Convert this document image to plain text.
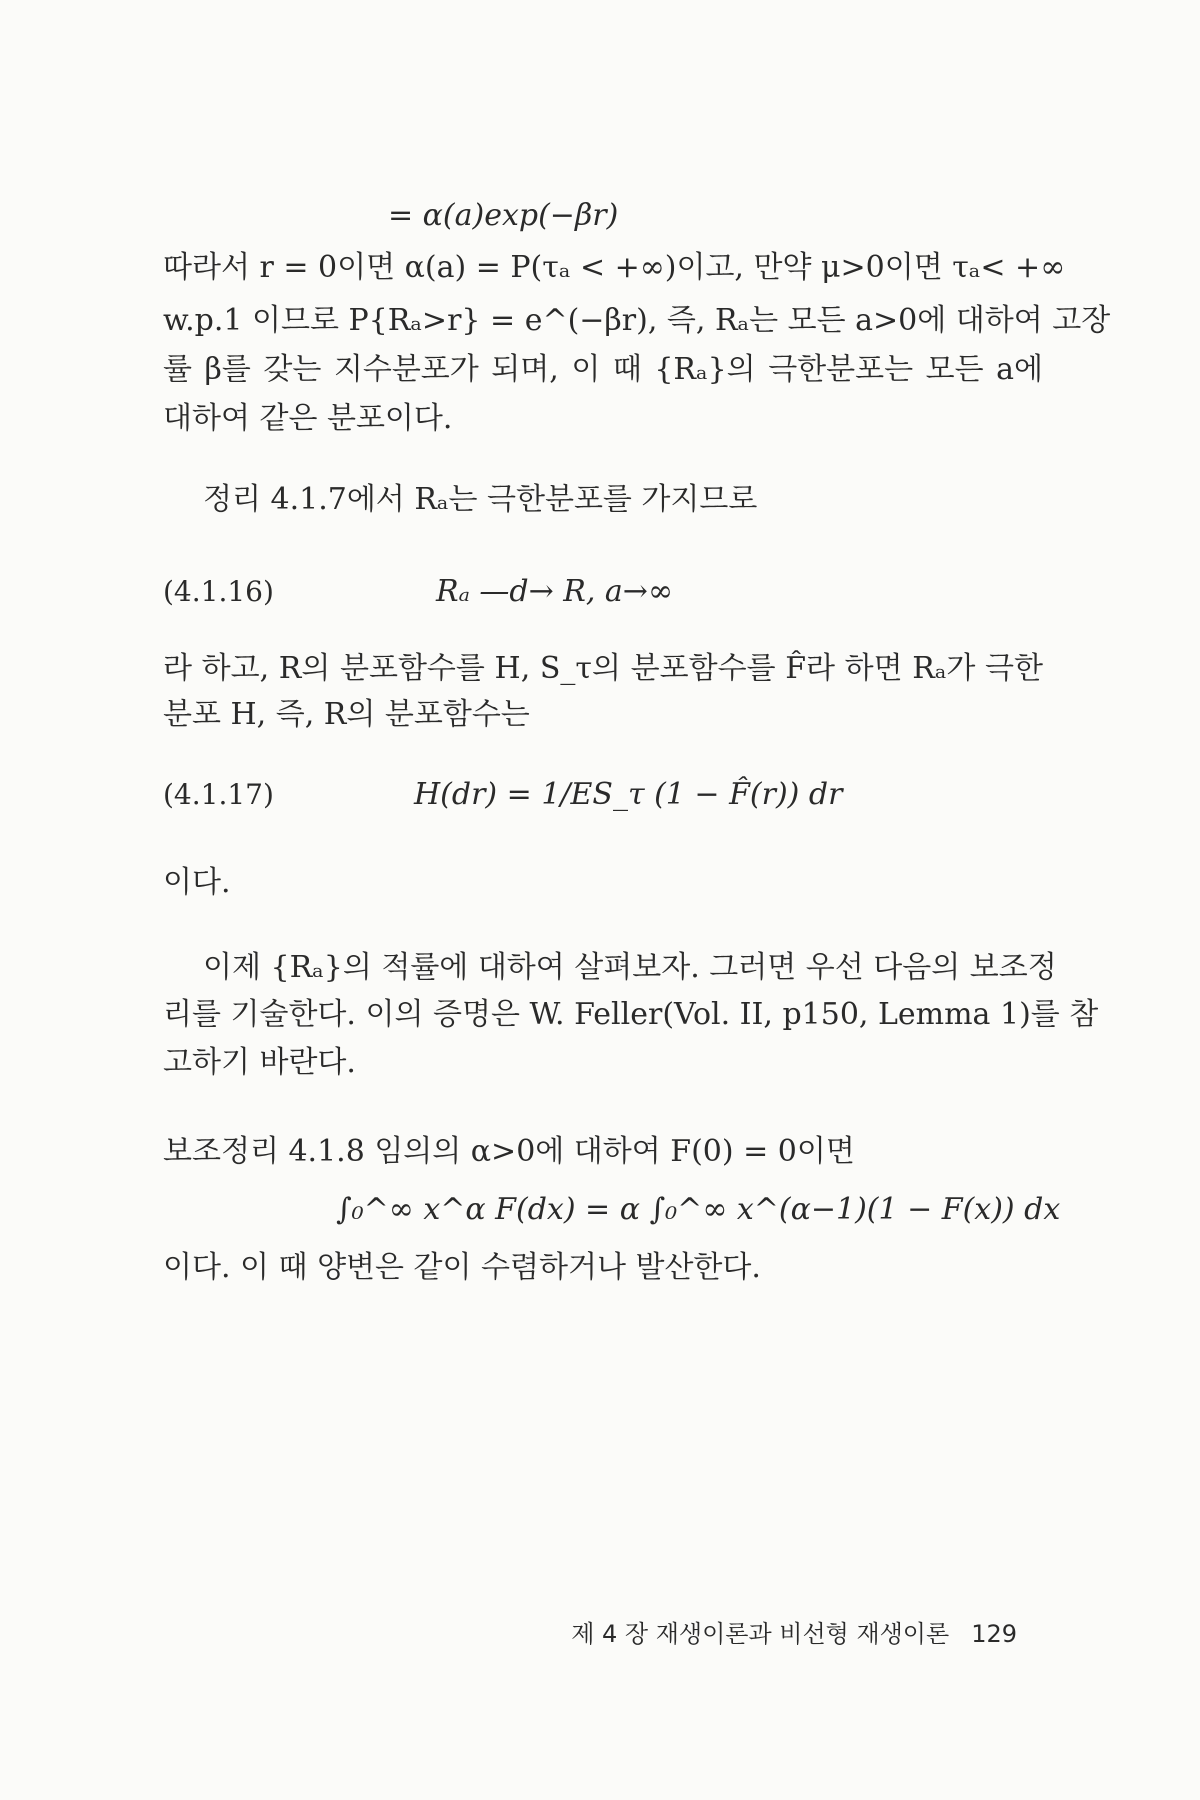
= α(a)exp(−βr)
따라서 r = 0이면 α(a) = P(τₐ < +∞)이고, 만약 μ>0이면 τₐ< +∞
w.p.1 이므로 P{Rₐ>r} = e^(−βr), 즉, Rₐ는 모든 a>0에 대하여 고장
률 β를 갖는 지수분포가 되며, 이 때 {Rₐ}의 극한분포는 모든 a에
대하여 같은 분포이다.
정리 4.1.7에서 Rₐ는 극한분포를 가지므로
(4.1.16)	Rₐ —d→ R, a→∞
라 하고, R의 분포함수를 H, S_τ의 분포함수를 F̂라 하면 Rₐ가 극한
분포 H, 즉, R의 분포함수는
(4.1.17)	H(dr) = 1/ES_τ (1 − F̂(r)) dr
이다.
이제 {Rₐ}의 적률에 대하여 살펴보자. 그러면 우선 다음의 보조정
리를 기술한다. 이의 증명은 W. Feller(Vol. II, p150, Lemma 1)를 참
고하기 바란다.
보조정리 4.1.8 임의의 α>0에 대하여 F(0) = 0이면
∫₀^∞ x^α F(dx) = α ∫₀^∞ x^(α−1)(1 − F(x)) dx
이다. 이 때 양변은 같이 수렴하거나 발산한다.
제 4 장 재생이론과 비선형 재생이론 129
